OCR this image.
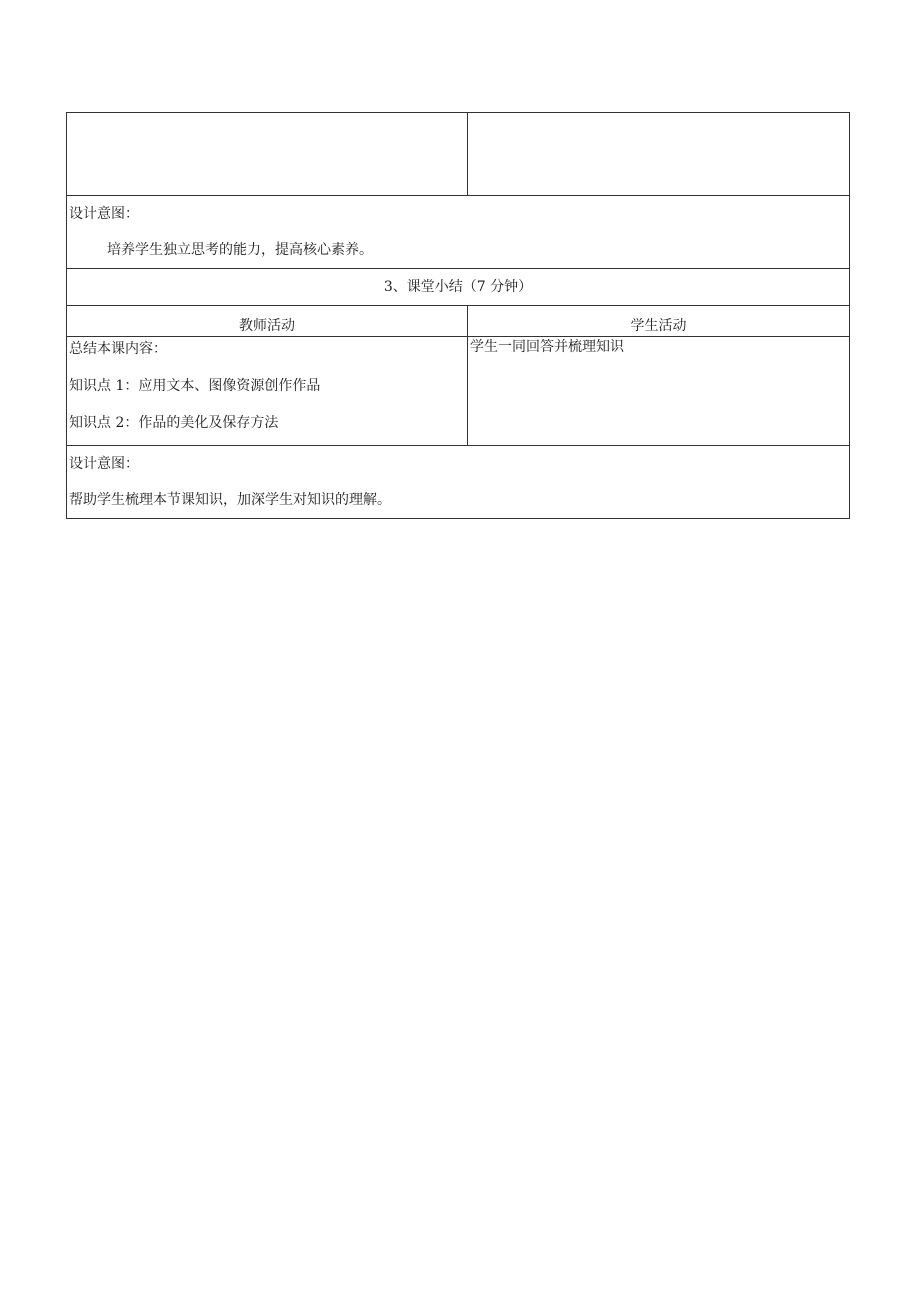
设计意图：
培养学生独立思考的能力，提高核心素养。	

3、课堂小结（7 分钟）	
教师活动	学生活动

总结本课内容：
知识点 1：应用文本、图像资源创作作品
知识点 2：作品的美化及保存方法	学生一同回答并梳理知识

设计意图：
帮助学生梳理本节课知识，加深学生对知识的理解。	
